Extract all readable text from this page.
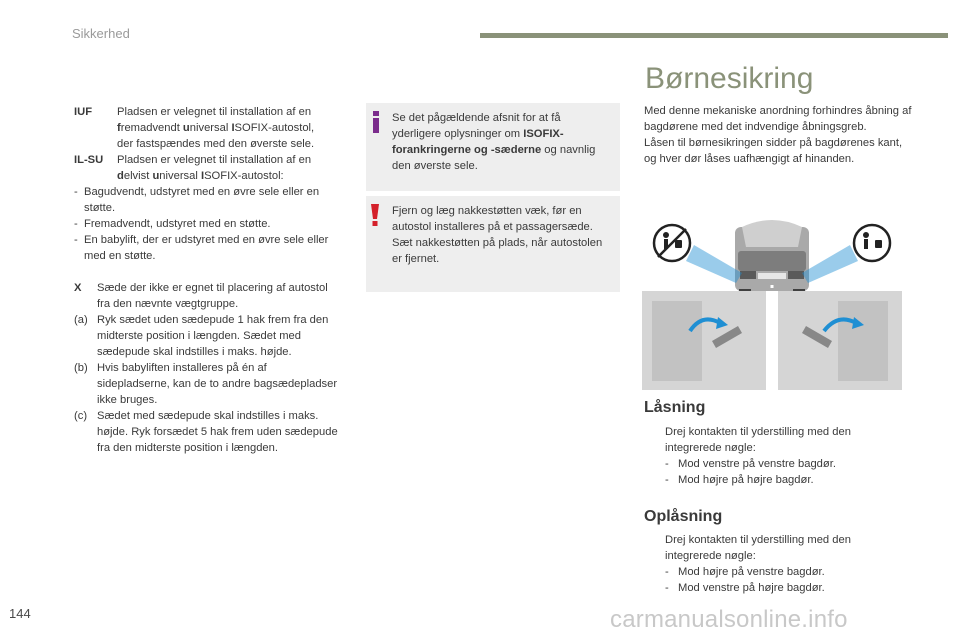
Sikkerhed
IUF Pladsen er velegnet til installation af en
fremadvendt universal ISOFIX-autostol,
der fastspændes med den øverste sele.
IL-SU Pladsen er velegnet til installation af en
delvist universal ISOFIX-autostol:
- Bagudvendt, udstyret med en øvre sele eller en støtte.
- Fremadvendt, udstyret med en støtte.
- En babylift, der er udstyret med en øvre sele eller med en støtte.
X Sæde der ikke er egnet til placering af autostol fra den nævnte vægtgruppe.
(a) Ryk sædet uden sædepude 1 hak frem fra den midterste position i længden. Sædet med sædepude skal indstilles i maks. højde.
(b) Hvis babyliften installeres på én af sidepladserne, kan de to andre bagsædepladser ikke bruges.
(c) Sædet med sædepude skal indstilles i maks. højde. Ryk forsædet 5 hak frem uden sædepude fra den midterste position i længden.
Se det pågældende afsnit for at få yderligere oplysninger om ISOFIX-forankringerne og -sæderne og navnlig den øverste sele.
Fjern og læg nakkestøtten væk, før en autostol installeres på et passagersæde.
Sæt nakkestøtten på plads, når autostolen er fjernet.
Børnesikring
Med denne mekaniske anordning forhindres åbning af bagdørene med det indvendige åbningsgreb.
Låsen til børnesikringen sidder på bagdørenes kant, og hver dør låses uafhængigt af hinanden.
Låsning
Drej kontakten til yderstilling med den integrerede nøgle:
- Mod venstre på venstre bagdør.
- Mod højre på højre bagdør.
Oplåsning
Drej kontakten til yderstilling med den integrerede nøgle:
- Mod højre på venstre bagdør.
- Mod venstre på højre bagdør.
144	carmanualsonline.info
